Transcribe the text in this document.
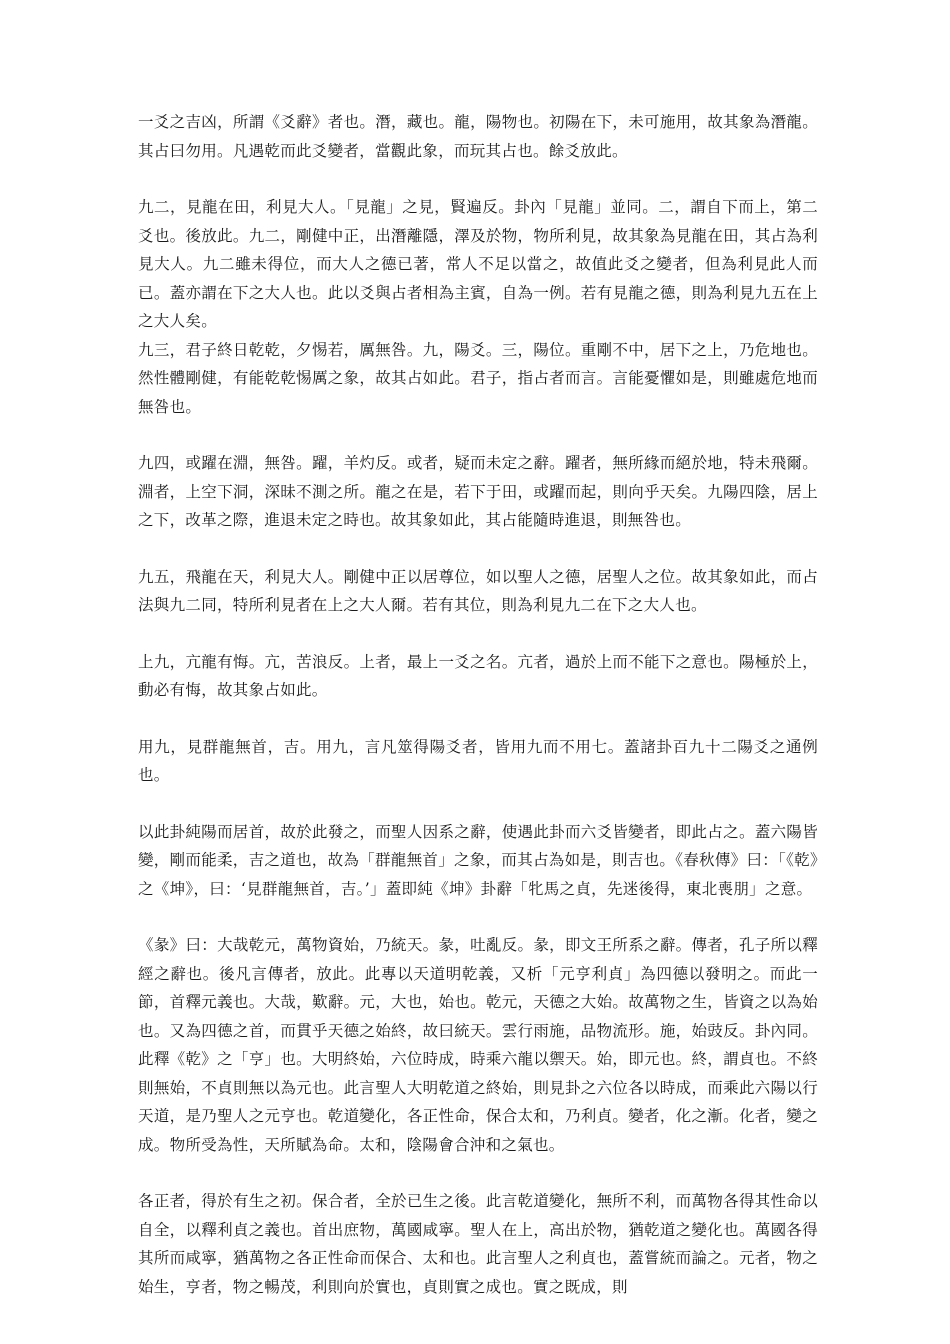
一爻之吉凶，所謂《爻辭》者也。潛，藏也。龍，陽物也。初陽在下，未可施用，故其象為潛龍。其占曰勿用。凡遇乾而此爻變者，當觀此象，而玩其占也。餘爻放此。

九二，見龍在田，利見大人。「見龍」之見，賢遍反。卦內「見龍」並同。二，謂自下而上，第二爻也。後放此。九二，剛健中正，出潛離隱，澤及於物，物所利見，故其象為見龍在田，其占為利見大人。九二雖未得位，而大人之德已著，常人不足以當之，故值此爻之變者，但為利見此人而已。蓋亦謂在下之大人也。此以爻與占者相為主賓，自為一例。若有見龍之德，則為利見九五在上之大人矣。

九三，君子終日乾乾，夕惕若，厲無咎。九，陽爻。三，陽位。重剛不中，居下之上，乃危地也。然性體剛健，有能乾乾惕厲之象，故其占如此。君子，指占者而言。言能憂懼如是，則雖處危地而無咎也。

九四，或躍在淵，無咎。躍，羊灼反。或者，疑而未定之辭。躍者，無所緣而絕於地，特未飛爾。淵者，上空下洞，深昧不測之所。龍之在是，若下于田，或躍而起，則向乎天矣。九陽四陰，居上之下，改革之際，進退未定之時也。故其象如此，其占能隨時進退，則無咎也。

九五，飛龍在天，利見大人。剛健中正以居尊位，如以聖人之德，居聖人之位。故其象如此，而占法與九二同，特所利見者在上之大人爾。若有其位，則為利見九二在下之大人也。

上九，亢龍有悔。亢，苦浪反。上者，最上一爻之名。亢者，過於上而不能下之意也。陽極於上，動必有悔，故其象占如此。

用九，見群龍無首，吉。用九，言凡筮得陽爻者，皆用九而不用七。蓋諸卦百九十二陽爻之通例也。

以此卦純陽而居首，故於此發之，而聖人因系之辭，使遇此卦而六爻皆變者，即此占之。蓋六陽皆變，剛而能柔，吉之道也，故為「群龍無首」之象，而其占為如是，則吉也。《春秋傳》曰：「《乾》之《坤》，曰：‘見群龍無首，吉。’」蓋即純《坤》卦辭「牝馬之貞，先迷後得，東北喪朋」之意。

《彖》曰：大哉乾元，萬物資始，乃統天。彖，吐亂反。彖，即文王所系之辭。傳者，孔子所以釋經之辭也。後凡言傳者，放此。此專以天道明乾義，又析「元亨利貞」為四德以發明之。而此一節，首釋元義也。大哉，歎辭。元，大也，始也。乾元，天德之大始。故萬物之生，皆資之以為始也。又為四德之首，而貫乎天德之始終，故曰統天。雲行雨施，品物流形。施，始豉反。卦內同。此釋《乾》之「亨」也。大明終始，六位時成，時乘六龍以禦天。始，即元也。終，謂貞也。不終則無始，不貞則無以為元也。此言聖人大明乾道之終始，則見卦之六位各以時成，而乘此六陽以行天道，是乃聖人之元亨也。乾道變化，各正性命，保合太和，乃利貞。變者，化之漸。化者，變之成。物所受為性，天所賦為命。太和，陰陽會合沖和之氣也。

各正者，得於有生之初。保合者，全於已生之後。此言乾道變化，無所不利，而萬物各得其性命以自全，以釋利貞之義也。首出庶物，萬國咸寧。聖人在上，高出於物，猶乾道之變化也。萬國各得其所而咸寧，猶萬物之各正性命而保合、太和也。此言聖人之利貞也，蓋嘗統而論之。元者，物之始生，亨者，物之暢茂，利則向於實也，貞則實之成也。實之既成，則
